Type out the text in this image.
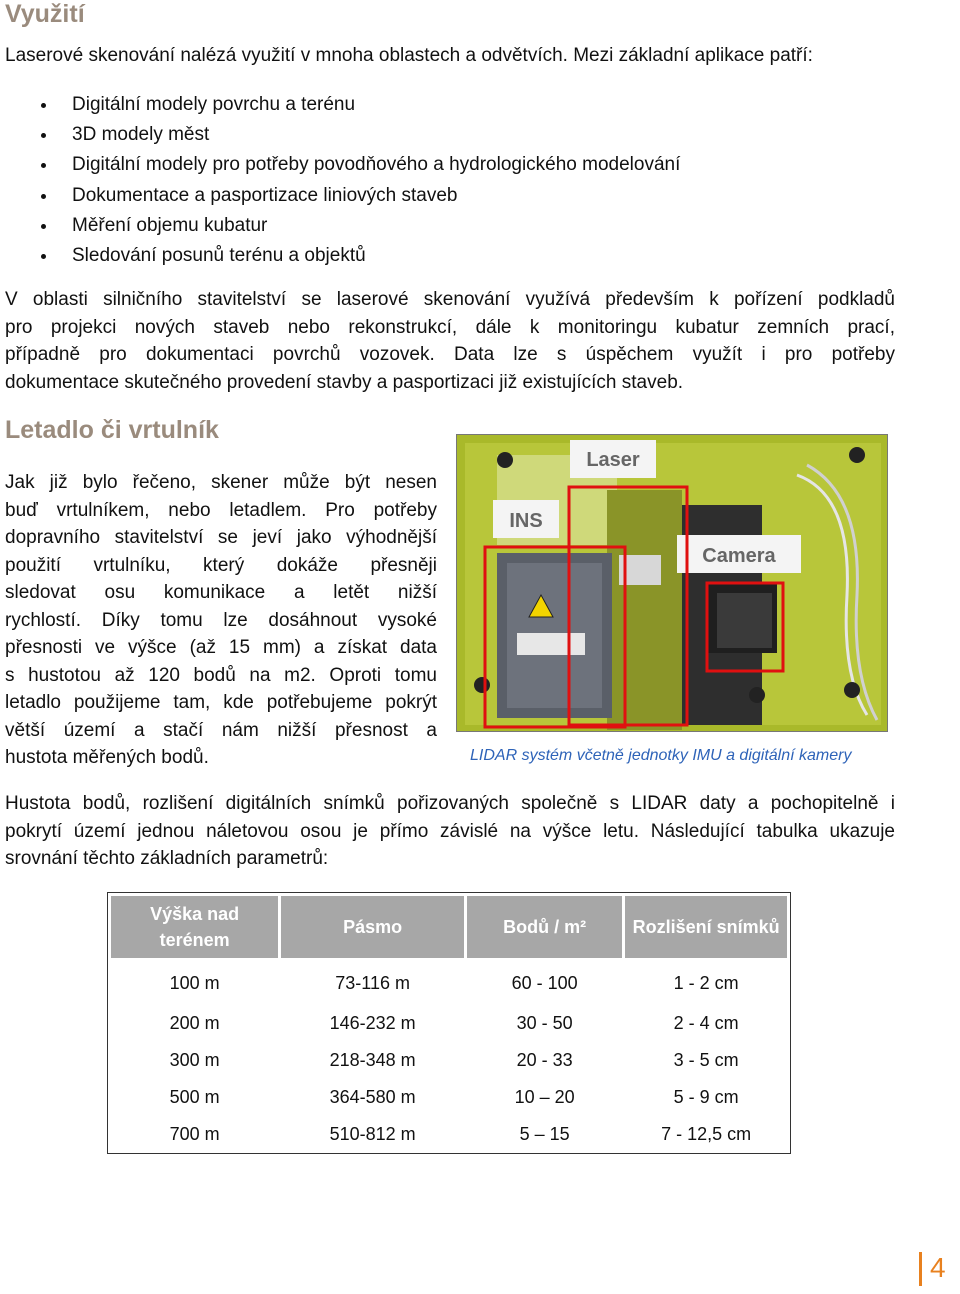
Využití
Laserové skenování nalézá využití v mnoha oblastech a odvětvích. Mezi základní aplikace patří:
Digitální modely povrchu a terénu
3D modely měst
Digitální modely pro potřeby povodňového a hydrologického modelování
Dokumentace a pasportizace liniových staveb
Měření objemu kubatur
Sledování posunů terénu a objektů
V oblasti silničního stavitelství se laserové skenování využívá především k pořízení podkladů
pro projekci nových staveb nebo rekonstrukcí, dále k monitoringu kubatur zemních prací,
případně pro dokumentaci povrchů vozovek. Data lze s úspěchem využít i pro potřeby
dokumentace skutečného provedení stavby a pasportizaci již existujících staveb.
Letadlo či vrtulník
Jak již bylo řečeno, skener může být nesen
buď vrtulníkem, nebo letadlem. Pro potřeby
dopravního stavitelství se jeví jako výhodnější
použití vrtulníku, který dokáže přesněji
sledovat osu komunikace a letět nižší
rychlostí. Díky tomu lze dosáhnout vysoké
přesnosti ve výšce (až 15 mm) a získat data
s hustotou až 120 bodů na m2. Oproti tomu
letadlo použijeme tam, kde potřebujeme pokrýt
větší území a stačí nám nižší přesnost a
hustota měřených bodů.
Laser
INS
Camera
LIDAR systém včetně jednotky IMU a digitální kamery
Hustota bodů, rozlišení digitálních snímků pořizovaných společně s LIDAR daty a pochopitelně i
pokrytí území jednou náletovou osou je přímo závislé na výšce letu. Následující tabulka ukazuje
srovnání těchto základních parametrů:
Výška nad terénem	Pásmo	Bodů / m²	Rozlišení snímků
100 m	73-116 m	60 - 100	1 - 2 cm
200 m	146-232 m	30 - 50	2 - 4 cm
300 m	218-348 m	20 - 33	3 - 5 cm
500 m	364-580 m	10 – 20	5 - 9 cm
700 m	510-812 m	5 – 15	7 - 12,5 cm
4
